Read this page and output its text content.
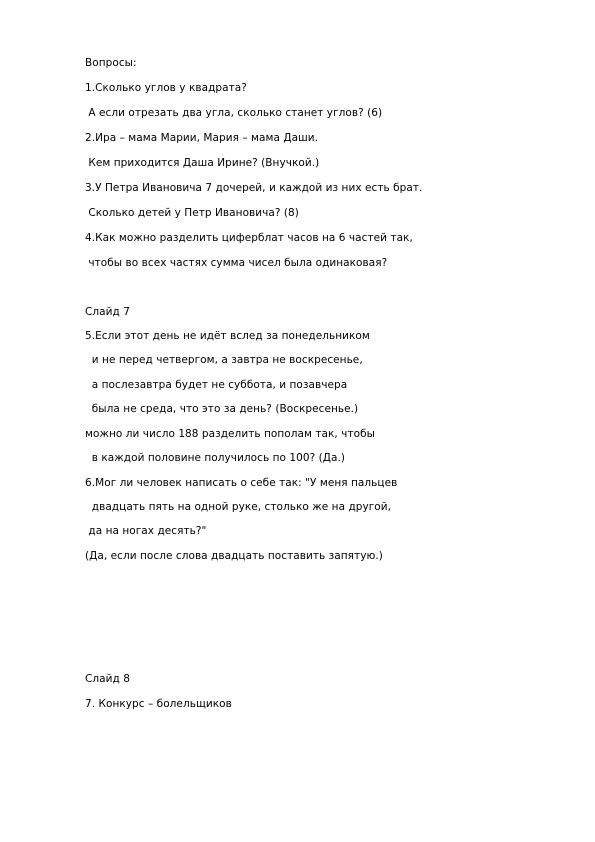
Вопросы:
1.Сколько углов у квадрата?
А если отрезать два угла, сколько станет углов? (6)
2.Ира – мама Марии, Мария – мама Даши.
Кем приходится Даша Ирине? (Внучкой.)
3.У Петра Ивановича 7 дочерей, и каждой из них есть брат.
Сколько детей у Петр Ивановича? (8)
4.Как можно разделить циферблат часов на 6 частей так,
чтобы во всех частях сумма чисел была одинаковая?
Слайд 7
5.Если этот день не идёт вслед за понедельником
и не перед четвергом, а завтра не воскресенье,
а послезавтра будет не суббота, и позавчера
была не среда, что это за день? (Воскресенье.)
можно ли число 188 разделить пополам так, чтобы
в каждой половине получилось по 100? (Да.)
6.Мог ли человек написать о себе так: "У меня пальцев
двадцать пять на одной руке, столько же на другой,
да на ногах десять?"
(Да, если после слова двадцать поставить запятую.)
Слайд 8
7. Конкурс – болельщиков
